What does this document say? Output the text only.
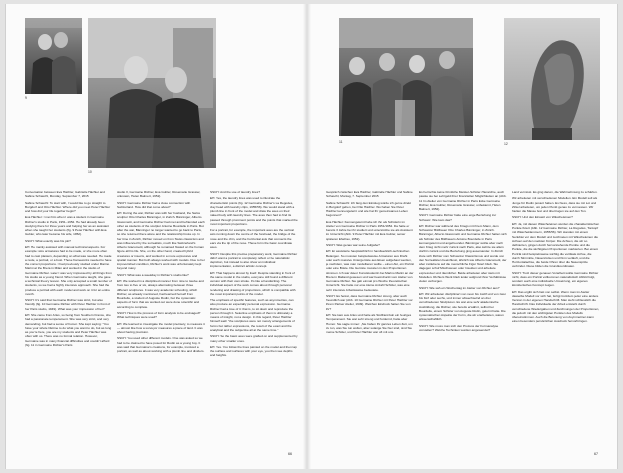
9
10
11	12

Conversation between Eva Hächler, Gabrielle Hächler and Sabine Schaschl, Monday, September 7, 2015

Sabine Schaschl: To start with, I would like to go straight to Burgdorf and Otto Hächler. Where did you meet Peter Hächler and how did your life together begin?

Eva Hächler: I met him when I was a student in Germaine Richier's studio in Paris, 1951–1952. He had already been studying there for three years and helping her as an assistant when she taught her students (fig. 9 Peter Hächler with Eva Gubler, who later became his wife, 1952).

SSCH: What exactly was his job?

EH: He mainly assisted with manual technical aspects. For example: wire armatures had to be made, or she more often had to cast plasters, depending on what was needed. He made a nude, a portrait, or a bust. These frameworks needed to have the correct proportions. I had previously studied under Marino Marini at the Brera in Milan and worked in the studio of Germaine Richier. Later I was very impressed by all things from his studio as a young friend. When Germaine taught, she gave a technical theory lesson. She only accepted a small number of students, so we had a highly intensive approach. She had the produce a portrait with each model and work on it for an entire month.

SSCH: It's said that Germaine Richier was strict, but also friendly (fig. 10 Germaine Richier with Peter Hächler in front of her Paris studio, 1949). What was your impression of her?

EH: She came from Arles, so being from Southern France, she had a passionate temperament. She was very strict, and very demanding, but had a sense of humor. She kept saying: "You have your whole lifetime to do what you want to do, but as long as you're here, you are my students and Peter Hächler was often with us. There was no formal relation. However, Germaine was in many financial difficulties and couldn't afford (fig. 11 in Germaine Richier's Paris

studio II, Germaine Richier, Eva Gubler, Rosemarie Grassier, unknown, Helen Balmert, 1952).

SSCH: Germaine Richier had a close connection with Switzerland. How did that come about?

EH: During the war, Richier was with her husband, the Swiss sculptor Otto Charles Bänninger, in Zurich. Bänninger, Alberto Giacometti, and Germaine Richier had met and befriended each other as students of the sculptor Antoine Bourdelle in Paris. But after the war, Bänninger no longer wanted to go back to Paris, so she returned there alone and the relationship broke up. In her time in Zurich, Richier moved on from Swiss classicism and was influenced by the surrealists, much like Switzerland's Alberto Giacometti, although he remained fixated on the human figure all his life. She, on the other hand, created hybrid creatures or insects, and worked in a more expressive and spatial manner. But both always worked with models. Due to her impoverished condition, Richier's work was unfortunately kept beyond many.

SSCH: What was a weekday in Richier's studio like?

EH: We worked in a disciplined manner from nine to twelve and from two to five or six, always alternating between three different sculptures. It was very academic schooling, which Richier, as already mentioned, had learned herself from Bourdelle, a student of Auguste Rodin, but the systematic aspects of form that we worked out were done scientific and according to complete.

SSCH: How is the process of form analysis to be envisaged? What techniques were used?

EH: We learned to investigate the model precisely, to measure it — almost like how a surveyor measures a piece of land. It was about having precision.

SSCH: You used other different models. One was asked so we had to be claimed to have posed for Rodin as a young boy. It was said that Germaine's creations, for example, involved a portrait, as well as about working with a plumb line and dividers.

SSCH: And the use of laundry lines?

EH: Yes, the laundry lines was used to illustrate the characteristic points (fig. 12 Germaine Richier's La Regodes, clay head with laundry clips, 1955/56). We would stand with a plumb line in front of the model and draw the axes on their naked body with laundry lines. The axes then had to find its passed through prominent points and the points that marked the most important proportions.

For a portrait, for example, the important axes are the vertical axis running down the centre of the forehead, the bridge of the nose and the chin, and the horizontal axis that connects the ears via the tip of the nose. These form the basic coordinate axes.

SSCH: Despite this precise preparatory work, Germaine Richier didn't want a portrait to completely reflect or be naturalistic depiction, but instead to also show an individual implementation, a distinct artistic concept.

EH: That happens almost by itself. Despite standing in front of the same model in the studio, everyone still found a different version with their own stroke. It's like a handwriting. The individual aspect of the work comes about through personal rendering and drawing of proportions, which is compatible with the most important points of the model.

The emphasis of specific features, such as asymmetries, can also produce an especially personal expression. Germaine Richier had a love of it: that is, to sit down and reproduce the person through it. Selective emphasis of them is ultimately a means of insight, not a design. In this regard, Peter Hächler himself said: "the sculptures were not merely arrangements of forms but rather expressions, the result of the exact and the analytical and the subjective all at the same time."

SSCH: So the basic axes were grafted on and supplemented by many other smaller ones.

EH: Yes. You follow the lines painted on the model and then tap the surface and surfaces with your eye, you then see depths and heights.

Gespräch zwischen Eva Hächler, Gabrielle Hächler und Sabine Schaschl, Montag, 7. September 2015

Sabine Schaschl: Ich fang den Einstieg würde ich gerne direkt in Burgdorf gehen, bei Otto Hächler. Wo haben Sie Peter Hächler kennengelernt und wie hat Ihr gemeinsames Leben begonnen?

Eva Hächler: Kennengelernt habe ich ihn als Schülerin im Atelier von Germaine Richier in Paris 1951/1952. Da hatte er bereits 3 Jahre bei ihr studiert und unterstützte sie als Assistent im Unterricht (Abb. 9 Peter Hächler mit Eva Gubler, seiner späteren Ehefrau, 1952).

SSCH: Was genau war seine Aufgabe?

EH: Er assistierte hauptsächlich in handwerklich-technischen Belangen. So mussten beispielsweise Armaturen aus Draht oder auch massive Untergerüste aus Eisen aufgebaut werden, je nachdem, was man modellieren wollte – einen Akt, ein Porträt oder eine Büste. Die Gerüste mussten in den Proportionen stimmen. Ich war davor Kunststudentin bei Marino Marini an der Brera in Mailand gewesen und war beeindruckt vom Atelier von Germaine Richier. Sie gab einmal pro Woche theoretischen Unterricht. Sie hatte nur eine kleine Anzahl Schüler, was eine sehr intensive Arbeitsweise bedeutete.

SSCH: Es heisst, dass Germaine Richier streng, aber auch freundlich war (Abb. 10 Germaine Richier mit Peter Hächler vor ihrem Pariser Atelier, 1949). Welchen Eindruck hatten Sie von ihr?

EH: Sie kam aus Arles und hatte als Südfranzösin ein feuriges Temperament. Sie war sehr streng und fordernd, hatte aber Humor. Sie sagte immer: „Sie haben Ihr ganzes Leben Zeit, um zu tun, was Sie tun wollen, aber solange Sie hier sind, sind Sie meine Schüler, und Peter Hächler war oft mit uns.

Es herrschte keine förmliche Meister-Schüler-Hierarchie, auch passte sie bei Lehrgeld ihrer finanziellen Möglichkeiten an (Abb. 11 Im Atelier von Germaine Richier in Paris Ecke Germaine Richier, Eva Gubler, Rosemarie Grassier, unbekannt, Helen Balmert, 1952).

SSCH: Germaine Richier hatte eine enge Beziehung zur Schweiz. Wie kam das?

EH: Richier war während des Kriegs mit ihrem Mann, dem Schweizer Bildhauer Otto Charles Bänninger, in Zürich. Bänninger, Alberto Giacometti und Germaine Richier hatten sich als Schüler des Bildhauers Antoine Bourdelle in Paris kennengelernt und angefreundet. Bänninger wollte aber nach dem Krieg nicht mehr zurück nach Paris, also kehrte sie allein dorthin zurück und die Beziehung ging auseinander. In Zürich löste sich Richier vom Schweizer Klassizismus und wurde von den Surrealisten beeinflusst, ähnlich wie Alberto Giacometti, der aber zeitlebens auf die menschliche Figur fixiert blieb. Sie dagegen schuf Mischwesen oder Insekten und arbeitete expressiver und räumlicher. Beide arbeiteten aber stets mit Modellen. Richiers Werk blieb leider aufgrund ihrer Verhältnisse vielen verborgen.

SSCH: Wie sah ein Wochentag im Atelier von Richier aus?

EH: Wir arbeiteten diszipliniert von neun bis zwölf und von zwei bis fünf oder sechs, und immer abwechselnd an drei verschiedenen Skulpturen. Es war eine sehr akademische Ausbildung, die Richier, wie bereits erwähnt, selbst bei Bourdelle, einem Schüler von Auguste Rodin, gelernt hatte. Die systematischen Aspekte der Form, die wir erarbeiteten, waren wissenschaftlich.

SSCH: Wie muss man sich den Prozess der Formanalyse vorstellen? Welche Techniken wurden angewendet?

Land vermisst. Es ging darum, die Wahrnehmung zu schärfen.

Wir arbeiteten mit verschiedenen Modellen. Ein Modell soll als Junge für Rodin posiert haben. Es hiess, dass sie mit Lot und Zirkel arbeiteten, um jeden Punkt genau zu vermessen. Wir hielten die Masse fest und übertrugen sie auf den Ton.

SSCH: Und den Einsatz von Wäscheleinen?

EH: Ja, mit diesen Wäscheleinen wurden die charakteristischen Punkte fixiert (Abb. 12 Germaine Richier, La Regodes, Tonkopf mit Wäscheklammern, 1955/56). Wir standen mit einem Senkblei vor dem Modell und zeichneten mit Wäscheleinen die Achsen auf den nackten Körper. Die Achsen, die wir so definierten, gingen durch hervorstehende Punkte und die Punkte, die die wichtigsten Proportionen markierten. Bei einem Porträt sind beispielsweise wichtig die vertikale Achse, die durch Stirnmitte, Nasenrücken und Kinn verläuft, und die Horizontalachse, die beide Ohren über die Nasenspitze verbindet. Diese bilden die Grundkoordinaten.

SSCH: Trotz dieser genauen Vorarbeit wollte Germaine Richier nicht, dass ein Porträt vollkommen naturalistisch Abbild folgt, sondern auch eine individuelle Umsetzung, ein eigenes künstlerisches Konzept zeigen.

EH: Das ergibt sich fast von selbst. Wenn man im Atelier dasselbe Modell vor sich hat, fertigt trotzdem jeder eine andere Version in der eigenen Handschrift. Man sieht schliesslich die Handschrift. Das Individuelle der Arbeit entsteht durch verschiedene Wiedergaben und Zeichnungen der Proportionen, die jedoch mit den wichtigsten Punkten des Modells übereinstimmen. Auch die Betonung von Asymmetrien kann einen besonders persönlichen Ausdruck hervorbringen.

66	67
